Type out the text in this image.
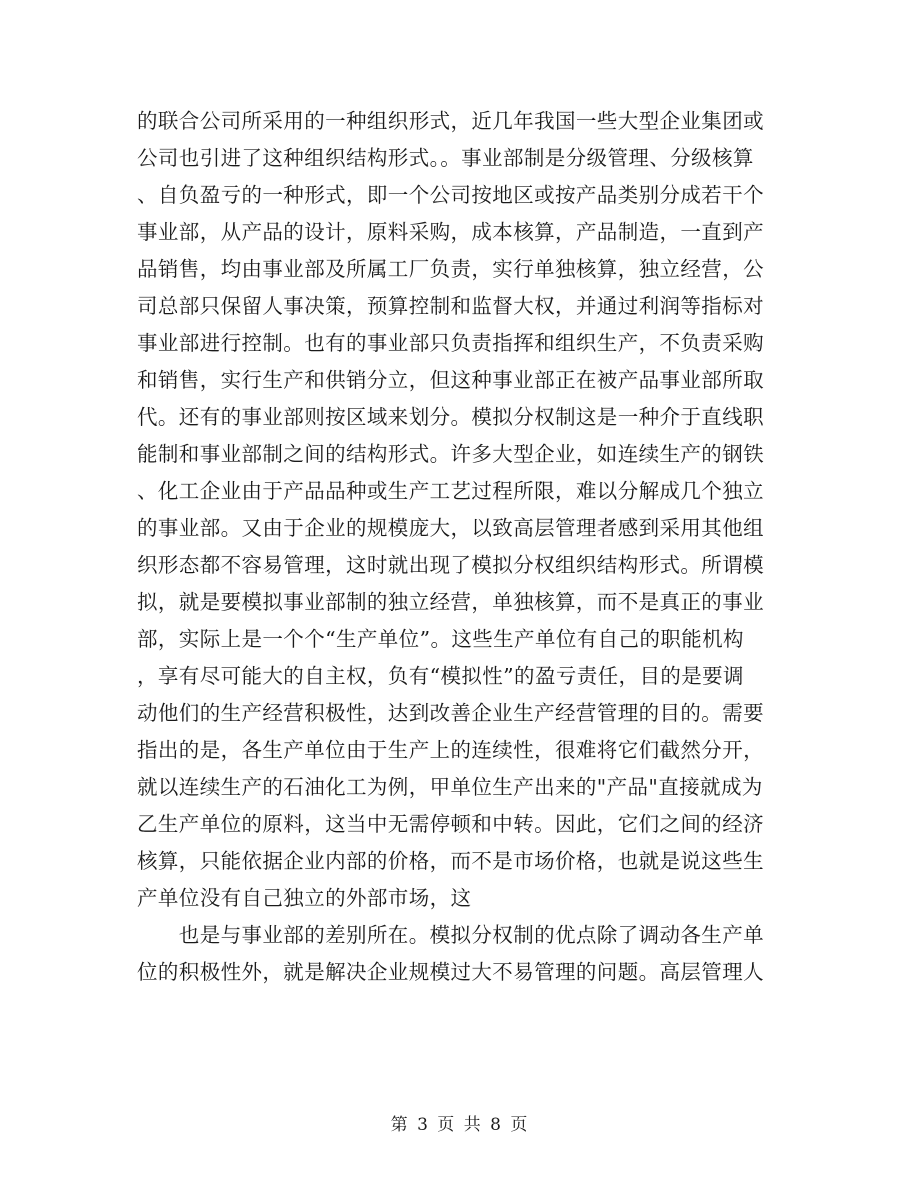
的联合公司所采用的一种组织形式，近几年我国一些大型企业集团或
公司也引进了这种组织结构形式。。事业部制是分级管理、分级核算
、自负盈亏的一种形式，即一个公司按地区或按产品类别分成若干个
事业部，从产品的设计，原料采购，成本核算，产品制造，一直到产
品销售，均由事业部及所属工厂负责，实行单独核算，独立经营，公
司总部只保留人事决策，预算控制和监督大权，并通过利润等指标对
事业部进行控制。也有的事业部只负责指挥和组织生产，不负责采购
和销售，实行生产和供销分立，但这种事业部正在被产品事业部所取
代。还有的事业部则按区域来划分。模拟分权制这是一种介于直线职
能制和事业部制之间的结构形式。许多大型企业，如连续生产的钢铁
、化工企业由于产品品种或生产工艺过程所限，难以分解成几个独立
的事业部。又由于企业的规模庞大，以致高层管理者感到采用其他组
织形态都不容易管理，这时就出现了模拟分权组织结构形式。所谓模
拟，就是要模拟事业部制的独立经营，单独核算，而不是真正的事业
部，实际上是一个个“生产单位”。这些生产单位有自己的职能机构
，享有尽可能大的自主权，负有“模拟性”的盈亏责任，目的是要调
动他们的生产经营积极性，达到改善企业生产经营管理的目的。需要
指出的是，各生产单位由于生产上的连续性，很难将它们截然分开，
就以连续生产的石油化工为例，甲单位生产出来的"产品"直接就成为
乙生产单位的原料，这当中无需停顿和中转。因此，它们之间的经济
核算，只能依据企业内部的价格，而不是市场价格，也就是说这些生
产单位没有自己独立的外部市场，这
　　也是与事业部的差别所在。模拟分权制的优点除了调动各生产单
位的积极性外，就是解决企业规模过大不易管理的问题。高层管理人
第 3 页 共 8 页
